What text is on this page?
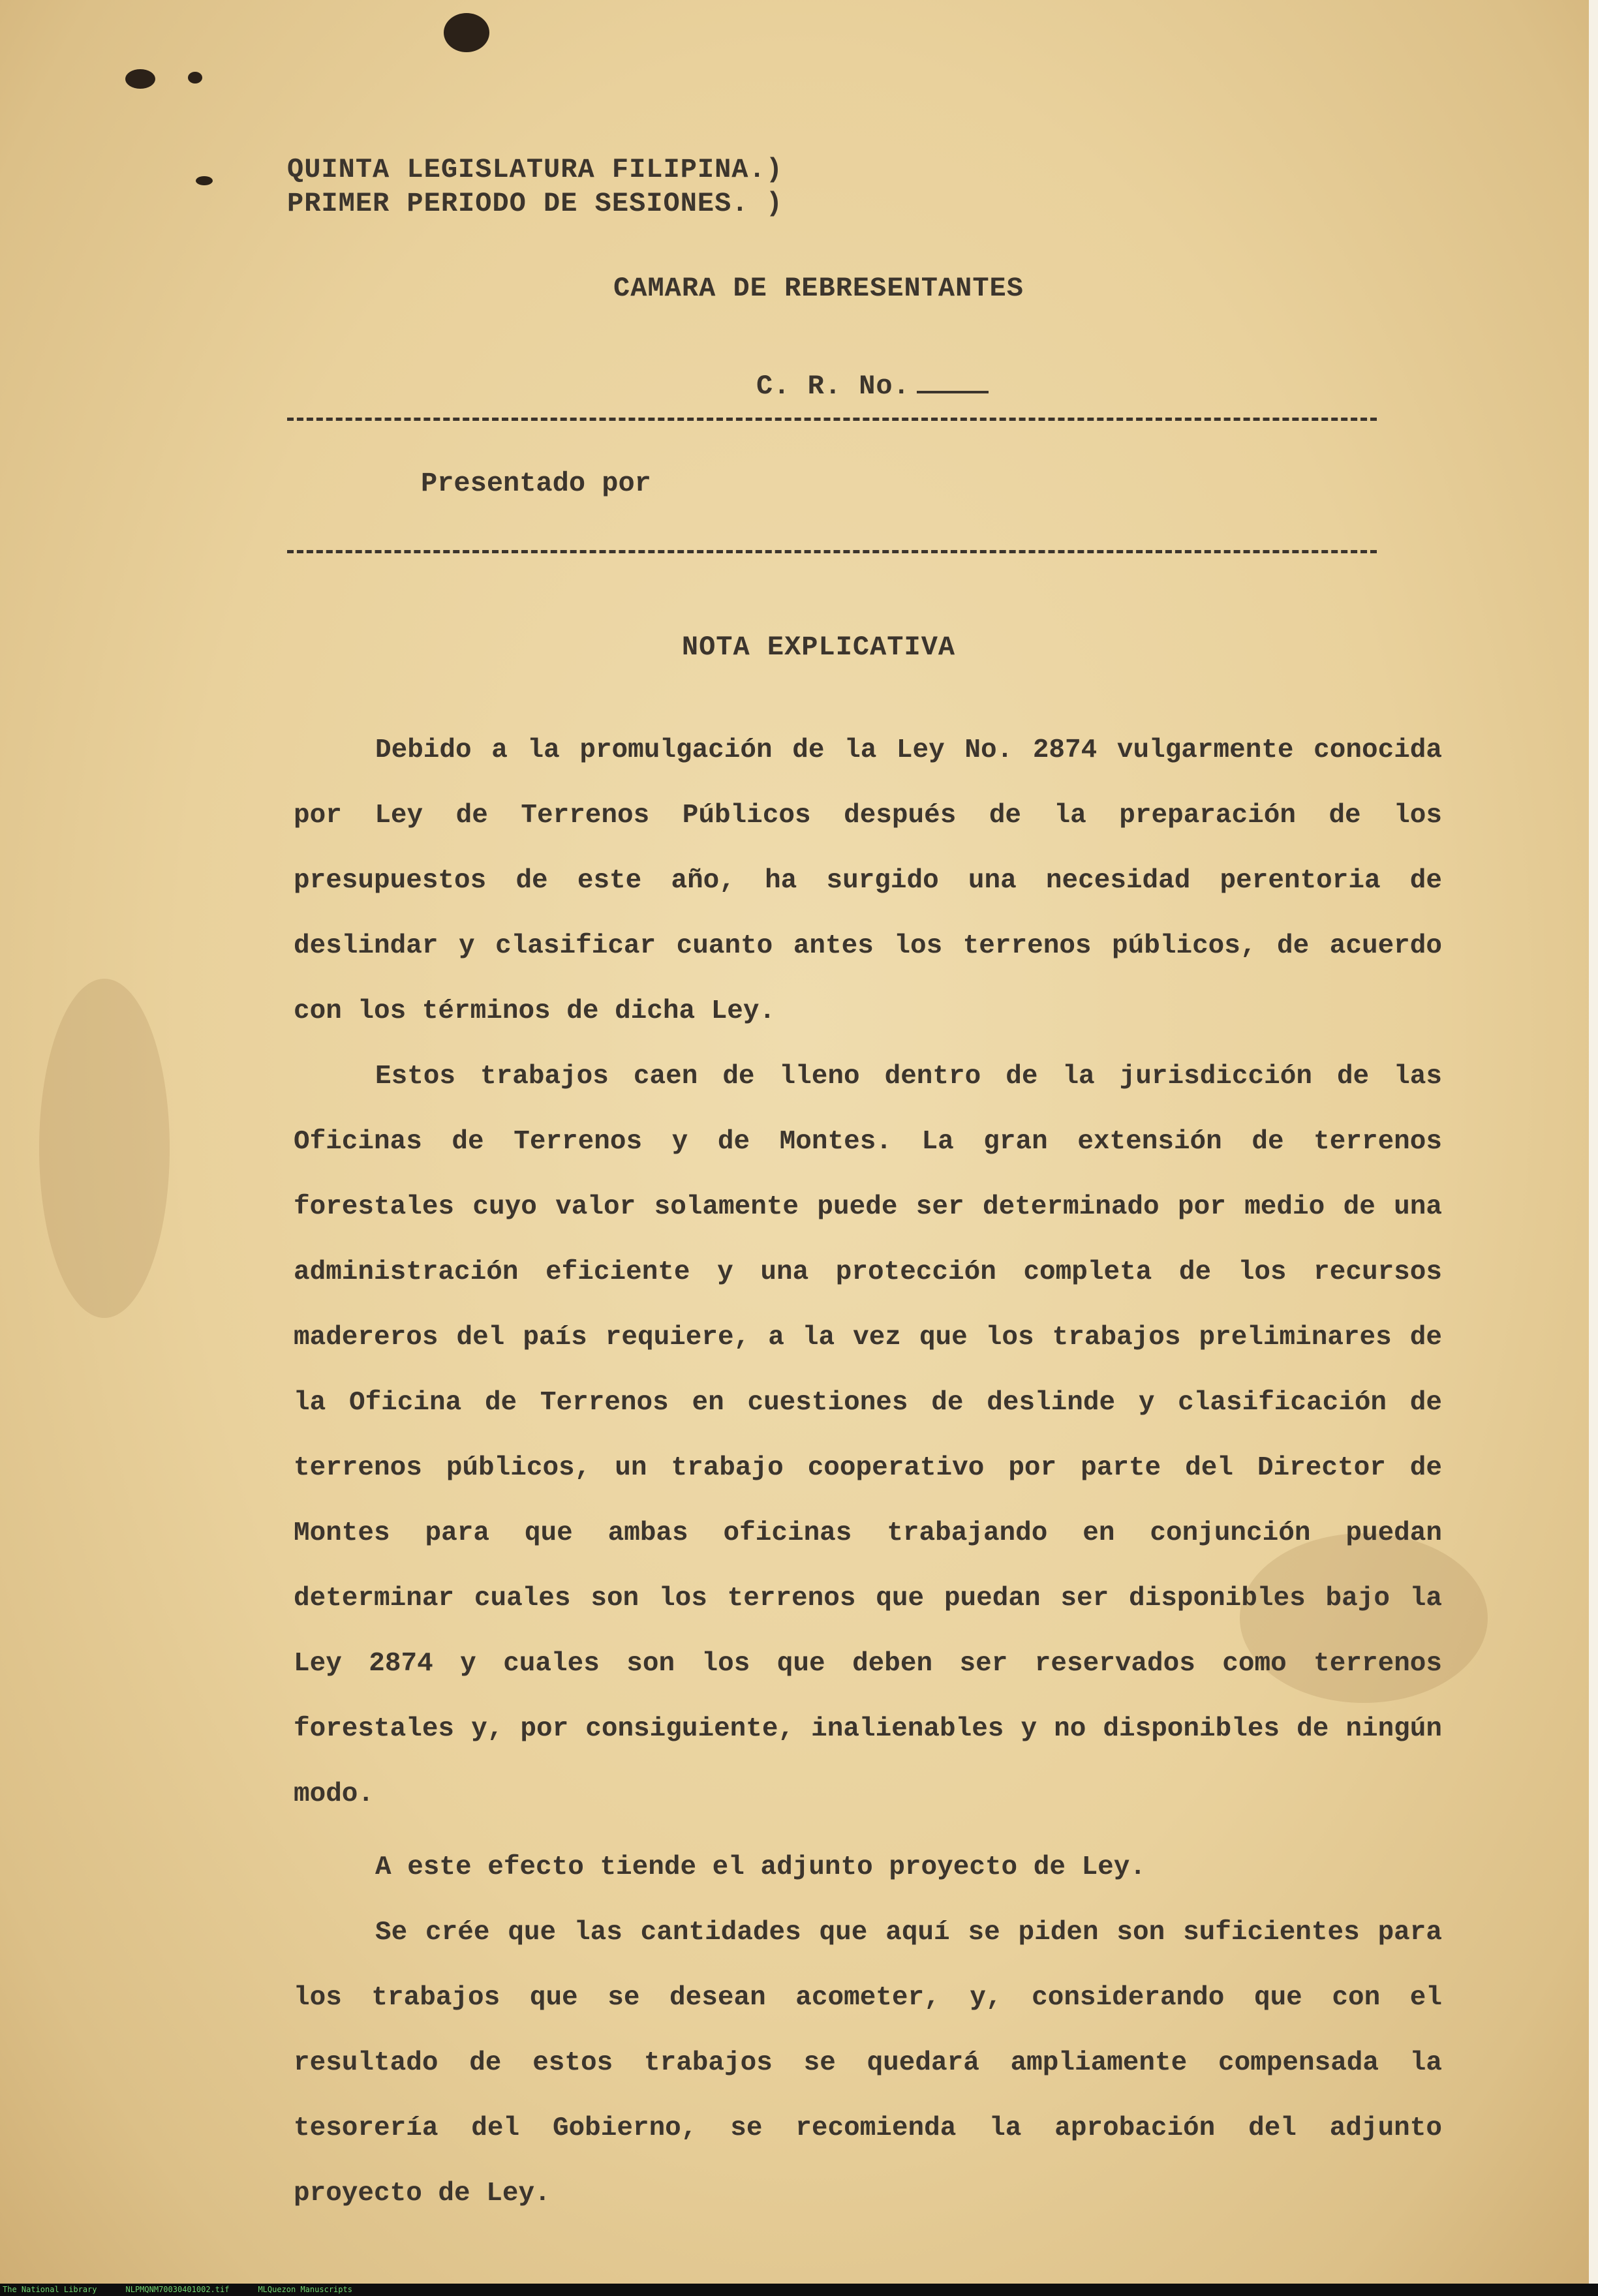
QUINTA LEGISLATURA FILIPINA.)
PRIMER PERIODO DE SESIONES. )
CAMARA DE REBRESENTANTES

C. R. No.

Presentado por
NOTA EXPLICATIVA

Debido a la promulgación de la Ley No. 2874 vulgarmente conocida por Ley de Terrenos Públicos después de la preparación de los presupuestos de este año, ha surgido una necesidad perentoria de deslindar y clasificar cuanto antes los terrenos públicos, de acuerdo con los términos de dicha Ley.

Estos trabajos caen de lleno dentro de la jurisdicción de las Oficinas de Terrenos y de Montes. La gran extensión de terrenos forestales cuyo valor solamente puede ser determinado por medio de una administración eficiente y una protección completa de los recursos madereros del país requiere, a la vez que los trabajos preliminares de la Oficina de Terrenos en cuestiones de deslinde y clasificación de terrenos públicos, un trabajo cooperativo por parte del Director de Montes para que ambas oficinas trabajando en conjunción puedan determinar cuales son los terrenos que puedan ser disponibles bajo la Ley 2874 y cuales son los que deben ser reservados como terrenos forestales y, por consiguiente, inalienables y no disponibles de ningún modo.

A este efecto tiende el adjunto proyecto de Ley.

Se crée que las cantidades que aquí se piden son suficientes para los trabajos que se desean acometer, y, considerando que con el resultado de estos trabajos se quedará ampliamente compensada la tesorería del Gobierno, se recomienda la aprobación del adjunto proyecto de Ley.

The National Library	NLPMQNM70030401002.tif	MLQuezon Manuscripts
